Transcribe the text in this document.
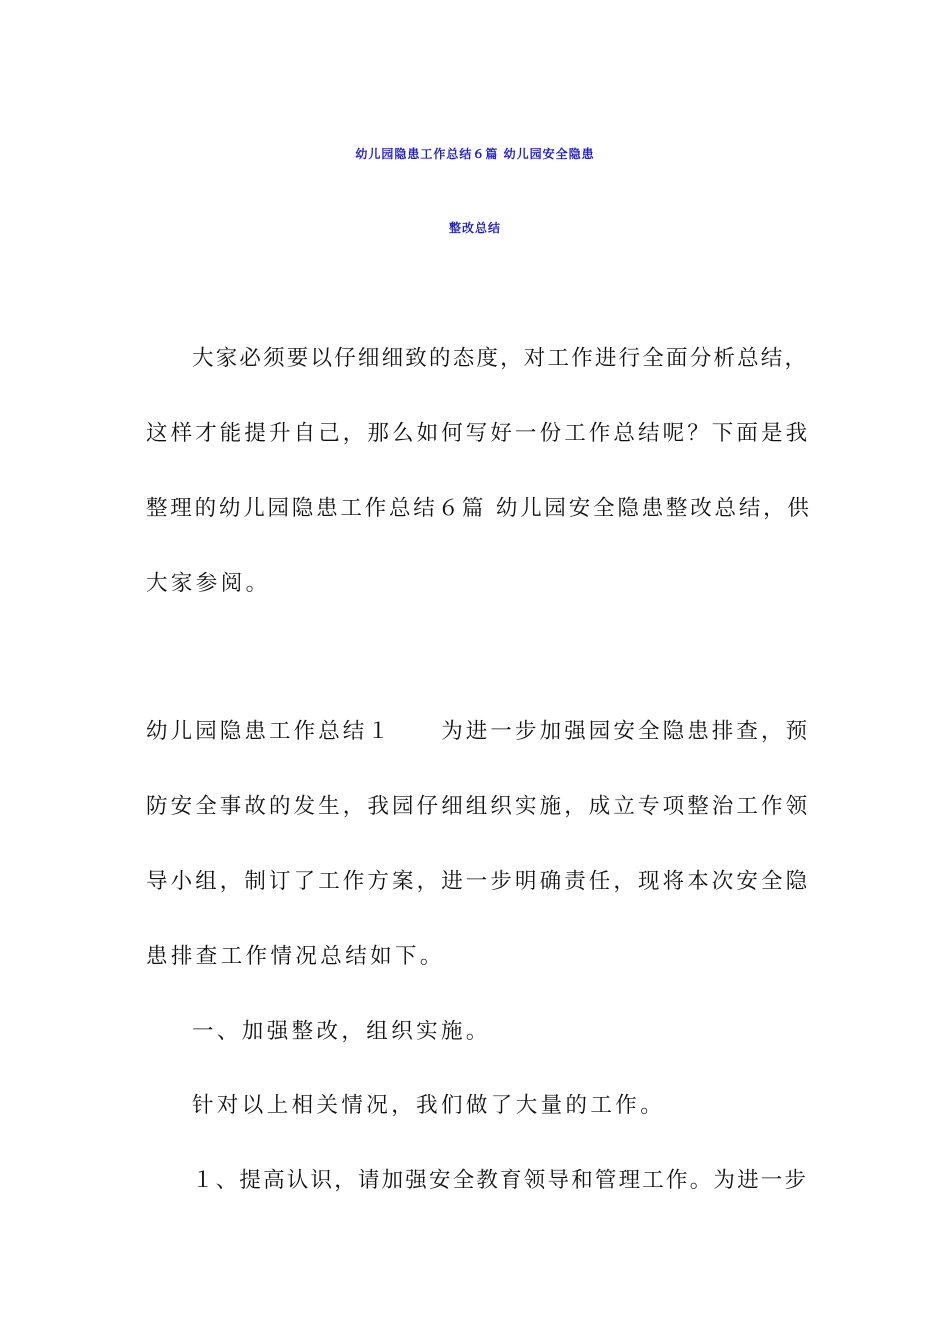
幼儿园隐患工作总结６篇 幼儿园安全隐患
整改总结
大家必须要以仔细细致的态度，对工作进行全面分析总结，
这样才能提升自己，那么如何写好一份工作总结呢？下面是我
整理的幼儿园隐患工作总结６篇 幼儿园安全隐患整改总结，供
大家参阅。
幼儿园隐患工作总结１　　为进一步加强园安全隐患排查，预
防安全事故的发生，我园仔细组织实施，成立专项整治工作领
导小组，制订了工作方案，进一步明确责任，现将本次安全隐
患排查工作情况总结如下。
一、加强整改，组织实施。
针对以上相关情况，我们做了大量的工作。
１、提高认识，请加强安全教育领导和管理工作。为进一步
